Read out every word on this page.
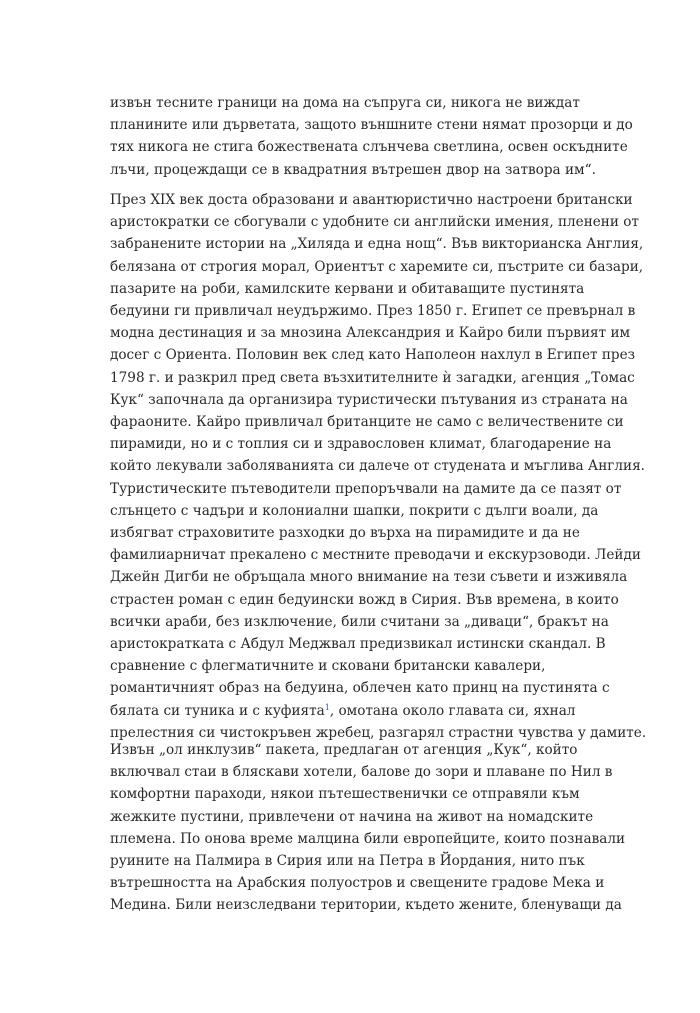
извън тесните граници на дома на съпруга си, никога не виждат
планините или дърветата, защото външните стени нямат прозорци и до
тях никога не стига божествената слънчева светлина, освен оскъдните
лъчи, процеждащи се в квадратния вътрешен двор на затвора им“.

През XIX век доста образовани и авантюристично настроени британски
аристократки се сбогували с удобните си английски имения, пленени от
забранените истории на „Хиляда и една нощ“. Във викторианска Англия,
белязана от строгия морал, Ориентът с харемите си, пъстрите си базари,
пазарите на роби, камилските кервани и обитаващите пустинята
бедуини ги привличал неудържимо. През 1850 г. Египет се превърнал в
модна дестинация и за мнозина Александрия и Кайро били първият им
досег с Ориента. Половин век след като Наполеон нахлул в Египет през
1798 г. и разкрил пред света възхитителните ѝ загадки, агенция „Томас
Кук“ започнала да организира туристически пътувания из страната на
фараоните. Кайро привличал британците не само с величествените си
пирамиди, но и с топлия си и здравословен климат, благодарение на
който лекували заболяванията си далече от студената и мъглива Англия.
Туристическите пътеводители препоръчвали на дамите да се пазят от
слънцето с чадъри и колониални шапки, покрити с дълги воали, да
избягват страховитите разходки до върха на пирамидите и да не
фамилиарничат прекалено с местните преводачи и екскурзоводи. Лейди
Джейн Дигби не обръщала много внимание на тези съвети и изживяла
страстен роман с един бедуински вожд в Сирия. Във времена, в които
всички араби, без изключение, били считани за „диваци“, бракът на
аристократката с Абдул Меджвал предизвикал истински скандал. В
сравнение с флегматичните и сковани британски кавалери,
романтичният образ на бедуина, облечен като принц на пустинята с
бялата си туника и с куфията$^1$, омотана около главата си, яхнал
прелестния си чистокръвен жребец, разгарял страстни чувства у дамите.

Извън „ол инклузив“ пакета, предлаган от агенция „Кук“, който
включвал стаи в бляскави хотели, балове до зори и плаване по Нил в
комфортни параходи, някои пътешественички се отправяли към
жежките пустини, привлечени от начина на живот на номадските
племена. По онова време малцина били европейците, които познавали
руините на Палмира в Сирия или на Петра в Йордания, нито пък
вътрешността на Арабския полуостров и свещените градове Мека и
Медина. Били неизследвани територии, където жените, бленуващи да
